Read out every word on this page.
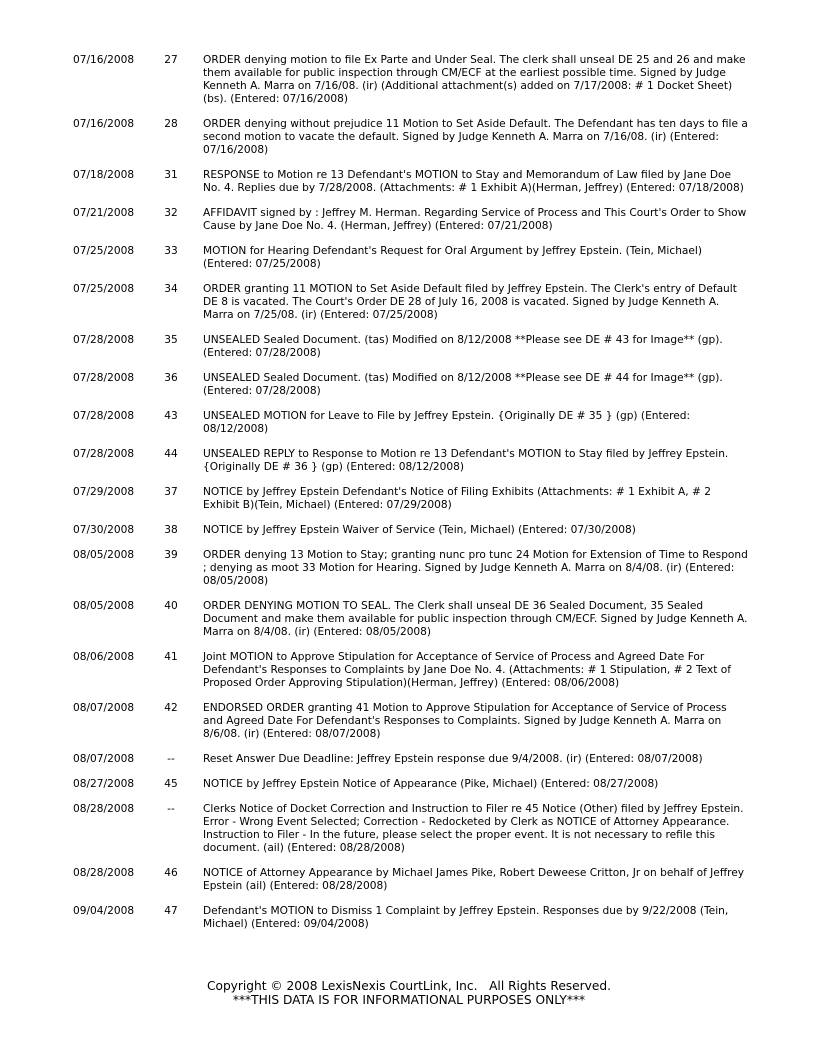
07/16/2008	27	ORDER denying motion to file Ex Parte and Under Seal. The clerk shall unseal DE 25 and 26 and make them available for public inspection through CM/ECF at the earliest possible time. Signed by Judge Kenneth A. Marra on 7/16/08. (ir) (Additional attachment(s) added on 7/17/2008: # 1 Docket Sheet) (bs). (Entered: 07/16/2008)
07/16/2008	28	ORDER denying without prejudice 11 Motion to Set Aside Default. The Defendant has ten days to file a second motion to vacate the default. Signed by Judge Kenneth A. Marra on 7/16/08. (ir) (Entered: 07/16/2008)
07/18/2008	31	RESPONSE to Motion re 13 Defendant's MOTION to Stay and Memorandum of Law filed by Jane Doe No. 4. Replies due by 7/28/2008. (Attachments: # 1 Exhibit A)(Herman, Jeffrey) (Entered: 07/18/2008)
07/21/2008	32	AFFIDAVIT signed by : Jeffrey M. Herman. Regarding Service of Process and This Court's Order to Show Cause by Jane Doe No. 4. (Herman, Jeffrey) (Entered: 07/21/2008)
07/25/2008	33	MOTION for Hearing Defendant's Request for Oral Argument by Jeffrey Epstein. (Tein, Michael) (Entered: 07/25/2008)
07/25/2008	34	ORDER granting 11 MOTION to Set Aside Default filed by Jeffrey Epstein. The Clerk's entry of Default DE 8 is vacated. The Court's Order DE 28 of July 16, 2008 is vacated. Signed by Judge Kenneth A. Marra on 7/25/08. (ir) (Entered: 07/25/2008)
07/28/2008	35	UNSEALED Sealed Document. (tas) Modified on 8/12/2008 **Please see DE # 43 for Image** (gp). (Entered: 07/28/2008)
07/28/2008	36	UNSEALED Sealed Document. (tas) Modified on 8/12/2008 **Please see DE # 44 for Image** (gp). (Entered: 07/28/2008)
07/28/2008	43	UNSEALED MOTION for Leave to File by Jeffrey Epstein. {Originally DE # 35 } (gp) (Entered: 08/12/2008)
07/28/2008	44	UNSEALED REPLY to Response to Motion re 13 Defendant's MOTION to Stay filed by Jeffrey Epstein. {Originally DE # 36 } (gp) (Entered: 08/12/2008)
07/29/2008	37	NOTICE by Jeffrey Epstein Defendant's Notice of Filing Exhibits (Attachments: # 1 Exhibit A, # 2 Exhibit B)(Tein, Michael) (Entered: 07/29/2008)
07/30/2008	38	NOTICE by Jeffrey Epstein Waiver of Service (Tein, Michael) (Entered: 07/30/2008)
08/05/2008	39	ORDER denying 13 Motion to Stay; granting nunc pro tunc 24 Motion for Extension of Time to Respond ; denying as moot 33 Motion for Hearing. Signed by Judge Kenneth A. Marra on 8/4/08. (ir) (Entered: 08/05/2008)
08/05/2008	40	ORDER DENYING MOTION TO SEAL. The Clerk shall unseal DE 36 Sealed Document, 35 Sealed Document and make them available for public inspection through CM/ECF. Signed by Judge Kenneth A. Marra on 8/4/08. (ir) (Entered: 08/05/2008)
08/06/2008	41	Joint MOTION to Approve Stipulation for Acceptance of Service of Process and Agreed Date For Defendant's Responses to Complaints by Jane Doe No. 4. (Attachments: # 1 Stipulation, # 2 Text of Proposed Order Approving Stipulation)(Herman, Jeffrey) (Entered: 08/06/2008)
08/07/2008	42	ENDORSED ORDER granting 41 Motion to Approve Stipulation for Acceptance of Service of Process and Agreed Date For Defendant's Responses to Complaints. Signed by Judge Kenneth A. Marra on 8/6/08. (ir) (Entered: 08/07/2008)
08/07/2008	--	Reset Answer Due Deadline: Jeffrey Epstein response due 9/4/2008. (ir) (Entered: 08/07/2008)
08/27/2008	45	NOTICE by Jeffrey Epstein Notice of Appearance (Pike, Michael) (Entered: 08/27/2008)
08/28/2008	--	Clerks Notice of Docket Correction and Instruction to Filer re 45 Notice (Other) filed by Jeffrey Epstein. Error - Wrong Event Selected; Correction - Redocketed by Clerk as NOTICE of Attorney Appearance. Instruction to Filer - In the future, please select the proper event. It is not necessary to refile this document. (ail) (Entered: 08/28/2008)
08/28/2008	46	NOTICE of Attorney Appearance by Michael James Pike, Robert Deweese Critton, Jr on behalf of Jeffrey Epstein (ail) (Entered: 08/28/2008)
09/04/2008	47	Defendant's MOTION to Dismiss 1 Complaint by Jeffrey Epstein. Responses due by 9/22/2008 (Tein, Michael) (Entered: 09/04/2008)
Copyright © 2008 LexisNexis CourtLink, Inc.   All Rights Reserved.
***THIS DATA IS FOR INFORMATIONAL PURPOSES ONLY***
